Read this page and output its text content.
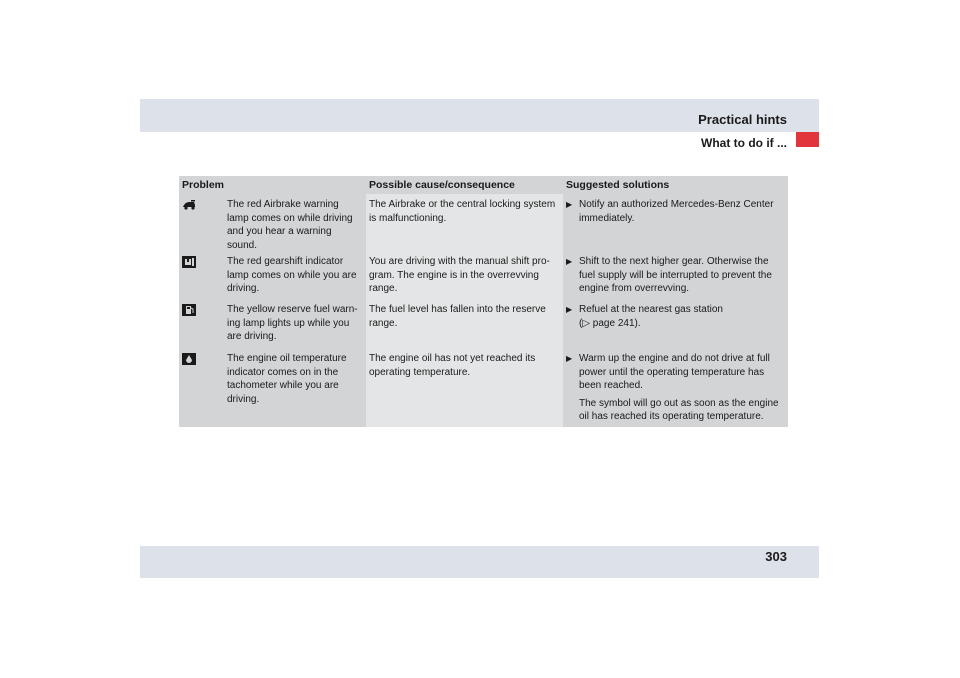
Practical hints
What to do if ...
Problem	Possible cause/consequence	Suggested solutions
The red Airbrake warning lamp comes on while driving and you hear a warning sound.
The Airbrake or the central locking system is malfunctioning.
▶ Notify an authorized Mercedes-Benz Center immediately.
The red gearshift indicator lamp comes on while you are driving.
You are driving with the manual shift pro-gram. The engine is in the overrevving range.
▶ Shift to the next higher gear. Otherwise the fuel supply will be interrupted to prevent the engine from overrevving.
The yellow reserve fuel warn-ing lamp lights up while you are driving.
The fuel level has fallen into the reserve range.
▶ Refuel at the nearest gas station
(▷ page 241).
The engine oil temperature indicator comes on in the tachometer while you are driving.
The engine oil has not yet reached its operating temperature.
▶ Warm up the engine and do not drive at full power until the operating temperature has been reached.
The symbol will go out as soon as the engine oil has reached its operating temperature.
303
